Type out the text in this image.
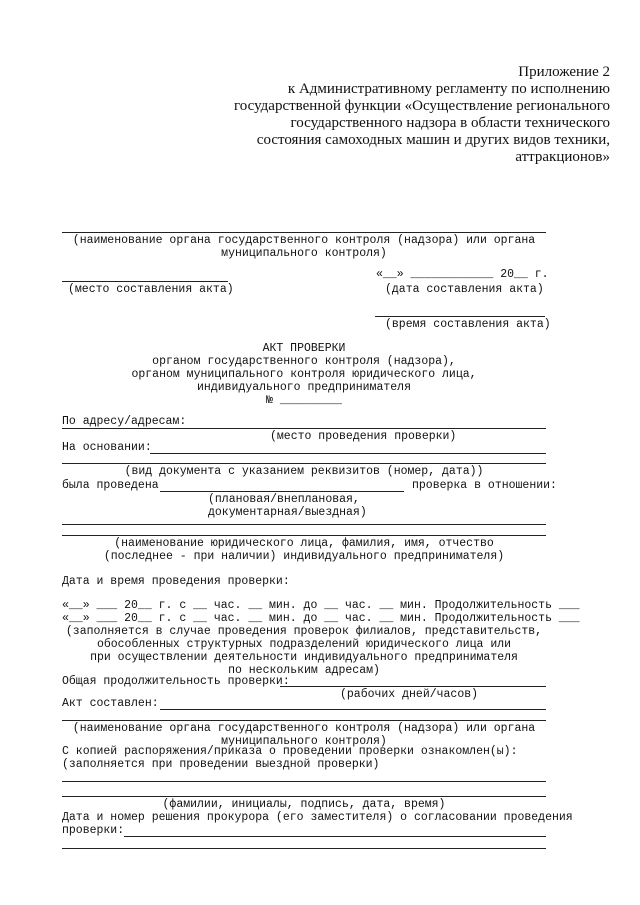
Приложение 2
к Административному регламенту по исполнению
государственной функции «Осуществление регионального
государственного надзора в области технического
состояния самоходных машин и других видов техники,
аттракционов»
(наименование органа государственного контроля (надзора) или органа
муниципального контроля)
«__» ____________ 20__ г.
(место составления акта)	(дата составления акта)
(время составления акта)
АКТ ПРОВЕРКИ
органом государственного контроля (надзора),
органом муниципального контроля юридического лица,
индивидуального предпринимателя
№ _________
По адресу/адресам:
(место проведения проверки)
На основании:
(вид документа с указанием реквизитов (номер, дата))
была проведена	проверка в отношении:
(плановая/внеплановая,
документарная/выездная)
(наименование юридического лица, фамилия, имя, отчество
(последнее - при наличии) индивидуального предпринимателя)
Дата и время проведения проверки:
«__» ___ 20__ г. с __ час. __ мин. до __ час. __ мин. Продолжительность ___
«__» ___ 20__ г. с __ час. __ мин. до __ час. __ мин. Продолжительность ___
(заполняется в случае проведения проверок филиалов, представительств,
обособленных структурных подразделений юридического лица или
при осуществлении деятельности индивидуального предпринимателя
по нескольким адресам)
Общая продолжительность проверки:
(рабочих дней/часов)
Акт составлен:
(наименование органа государственного контроля (надзора) или органа
муниципального контроля)
С копией распоряжения/приказа о проведении проверки ознакомлен(ы):
(заполняется при проведении выездной проверки)
(фамилии, инициалы, подпись, дата, время)
Дата и номер решения прокурора (его заместителя) о согласовании проведения
проверки:
